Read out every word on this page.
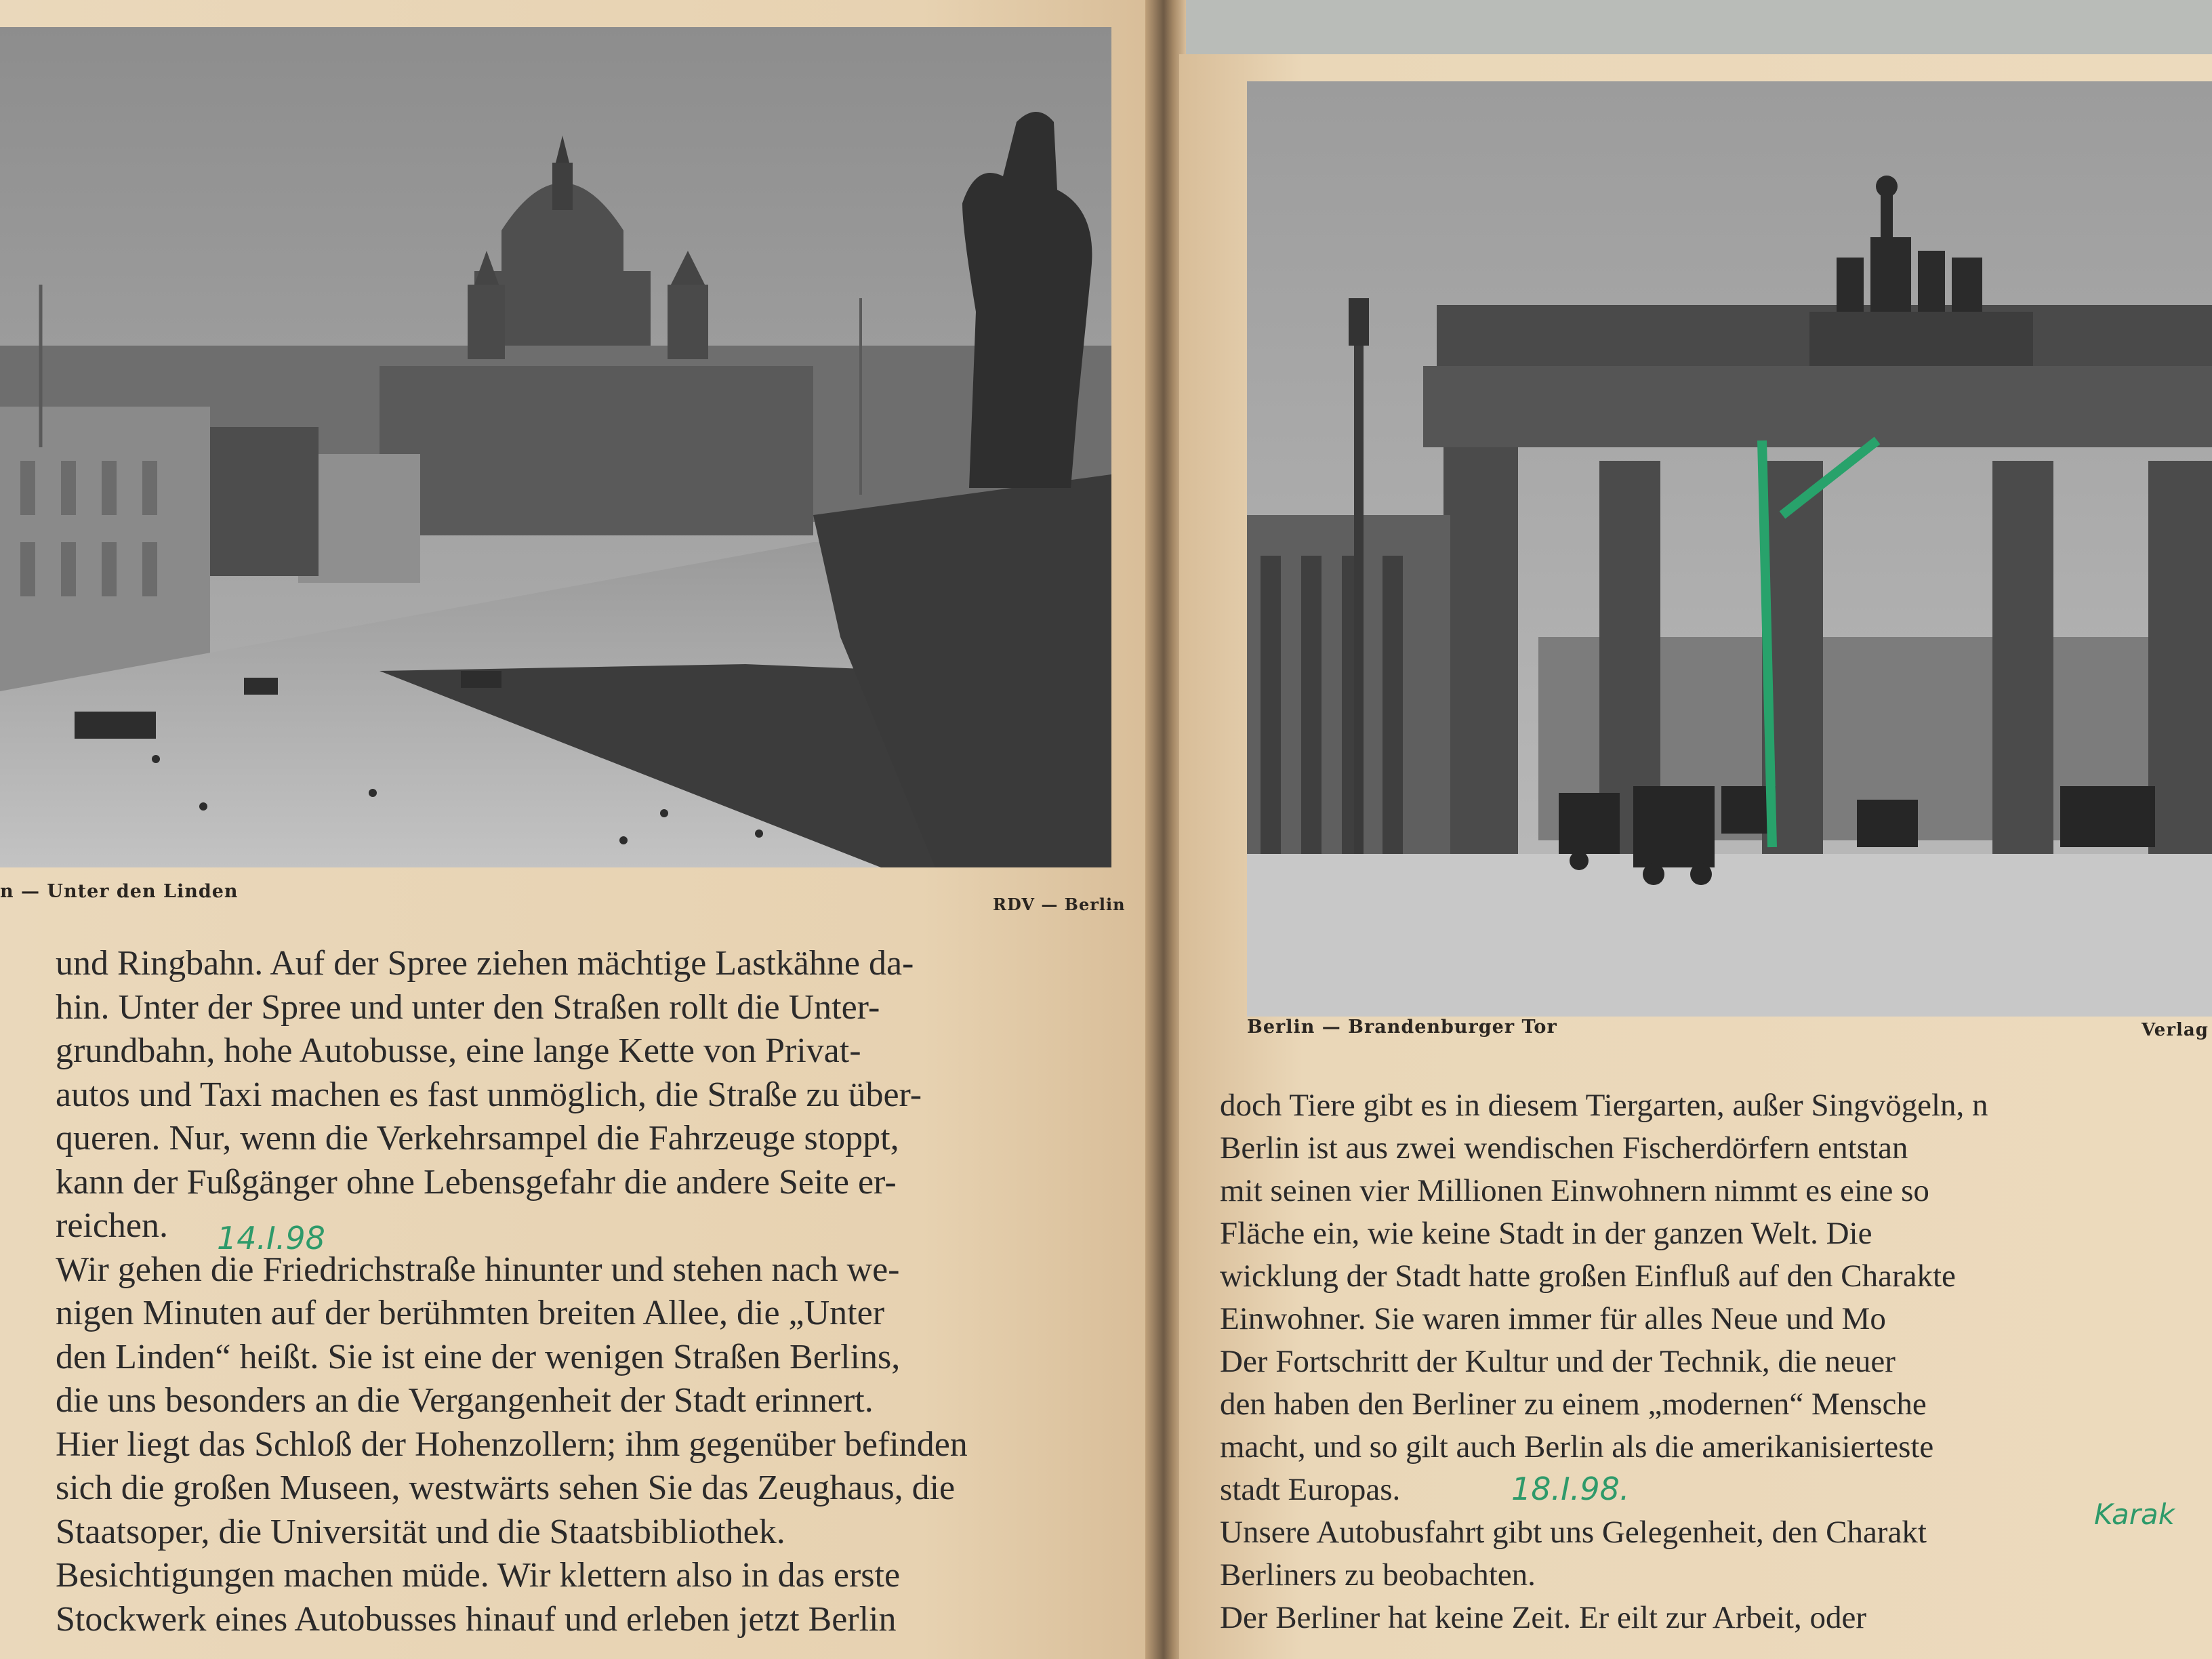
n — Unter den Linden
RDV — Berlin
und Ringbahn. Auf der Spree ziehen mächtige Lastkähne da-
hin. Unter der Spree und unter den Straßen rollt die Unter-
grundbahn, hohe Autobusse, eine lange Kette von Privat-
autos und Taxi machen es fast unmöglich, die Straße zu über-
queren. Nur, wenn die Verkehrsampel die Fahrzeuge stoppt,
kann der Fußgänger ohne Lebensgefahr die andere Seite er-
reichen.
Wir gehen die Friedrichstraße hinunter und stehen nach we-
nigen Minuten auf der berühmten breiten Allee, die „Unter
den Linden“ heißt. Sie ist eine der wenigen Straßen Berlins,
die uns besonders an die Vergangenheit der Stadt erinnert.
Hier liegt das Schloß der Hohenzollern; ihm gegenüber befinden
sich die großen Museen, westwärts sehen Sie das Zeughaus, die
Staatsoper, die Universität und die Staatsbibliothek.
Besichtigungen machen müde. Wir klettern also in das erste
Stockwerk eines Autobusses hinauf und erleben jetzt Berlin
14.I.98
Berlin — Brandenburger Tor	Verlag
doch Tiere gibt es in diesem Tiergarten, außer Singvögeln, n
Berlin ist aus zwei wendischen Fischerdörfern entstan
mit seinen vier Millionen Einwohnern nimmt es eine so
Fläche ein, wie keine Stadt in der ganzen Welt. Die
wicklung der Stadt hatte großen Einfluß auf den Charakte
Einwohner. Sie waren immer für alles Neue und Mo
Der Fortschritt der Kultur und der Technik, die neuer
den haben den Berliner zu einem „modernen“ Mensche
macht, und so gilt auch Berlin als die amerikanisierteste
stadt Europas.
Unsere Autobusfahrt gibt uns Gelegenheit, den Charakt
Berliners zu beobachten.
Der Berliner hat keine Zeit. Er eilt zur Arbeit, oder
18.I.98.
Karak
